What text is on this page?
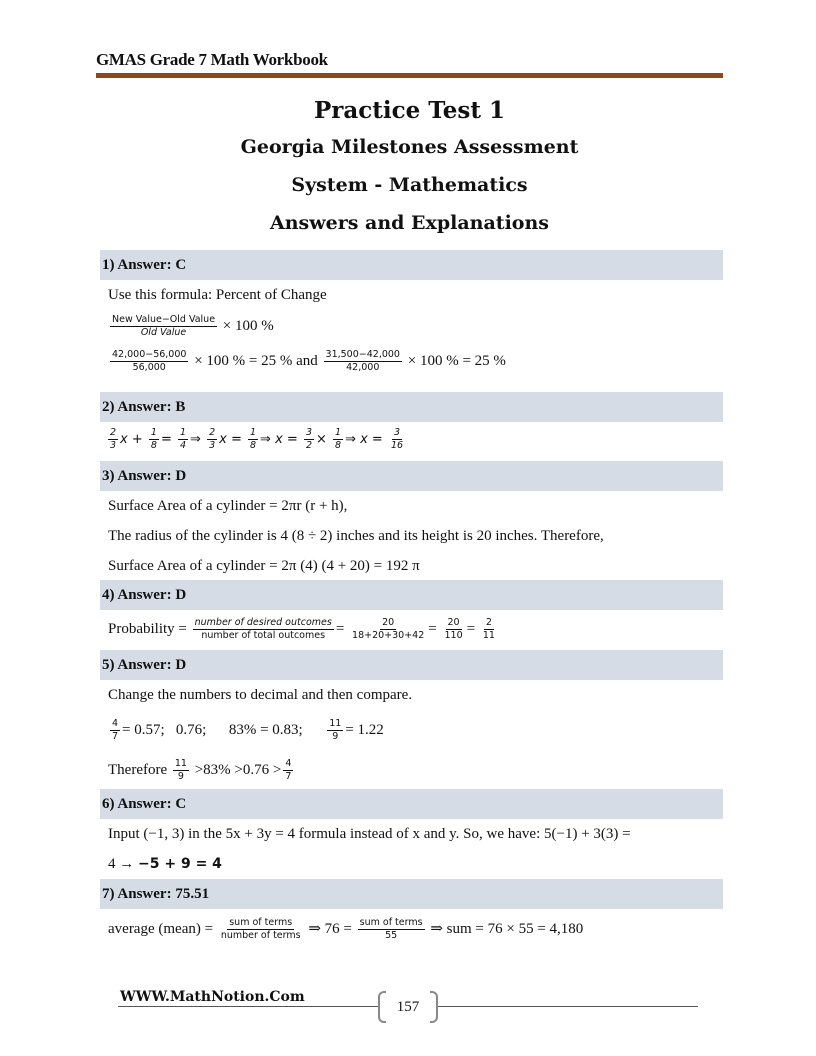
GMAS Grade 7 Math Workbook
Practice Test 1
Georgia Milestones Assessment
System - Mathematics
Answers and Explanations
1) Answer: C
Use this formula: Percent of Change
$\frac{\text{New Value−Old Value}}{\text{Old Value}} \times 100$ %
$\frac{42,000-56,000}{56,000} \times 100$ % = 25 % and $\frac{31,500-42,000}{42,000} \times 100$ % = 25 %
2) Answer: B
$\frac{2}{3}$ $x + \frac{1}{8} = \frac{1}{4}$ ⇒ $\frac{2}{3}$ $x = \frac{1}{8}$ ⇒ $x = \frac{3}{2} \times \frac{1}{8}$ ⇒ $x = \frac{3}{16}$
3) Answer: D
Surface Area of a cylinder = 2πr (r + h),
The radius of the cylinder is 4 (8 ÷ 2) inches and its height is 20 inches. Therefore,
Surface Area of a cylinder = 2π (4) (4 + 20) = 192 π
4) Answer: D
Probability = $\frac{\text{number of desired outcomes}}{\text{number of total outcomes}} = \frac{20}{18+20+30+42} = \frac{20}{110} = \frac{2}{11}$
5) Answer: D
Change the numbers to decimal and then compare.
$\frac{4}{7} = 0.57$;   0.76;      83% = 0.83; $\frac{11}{9} = 1.22$
Therefore $\frac{11}{9} >83\% >0.76 > \frac{4}{7}$
6) Answer: C
Input (−1, 3) in the 5x + 3y = 4 formula instead of x and y. So, we have: 5(−1) + 3(3) =
4 → −5 + 9 = 4
7) Answer: 75.51
average (mean) = $\frac{\text{sum of terms}}{\text{number of terms}}$ ⇒ $76 = \frac{\text{sum of terms}}{55}$ ⇒ sum = 76 × 55 = 4,180
WWW.MathNotion.Com
157
